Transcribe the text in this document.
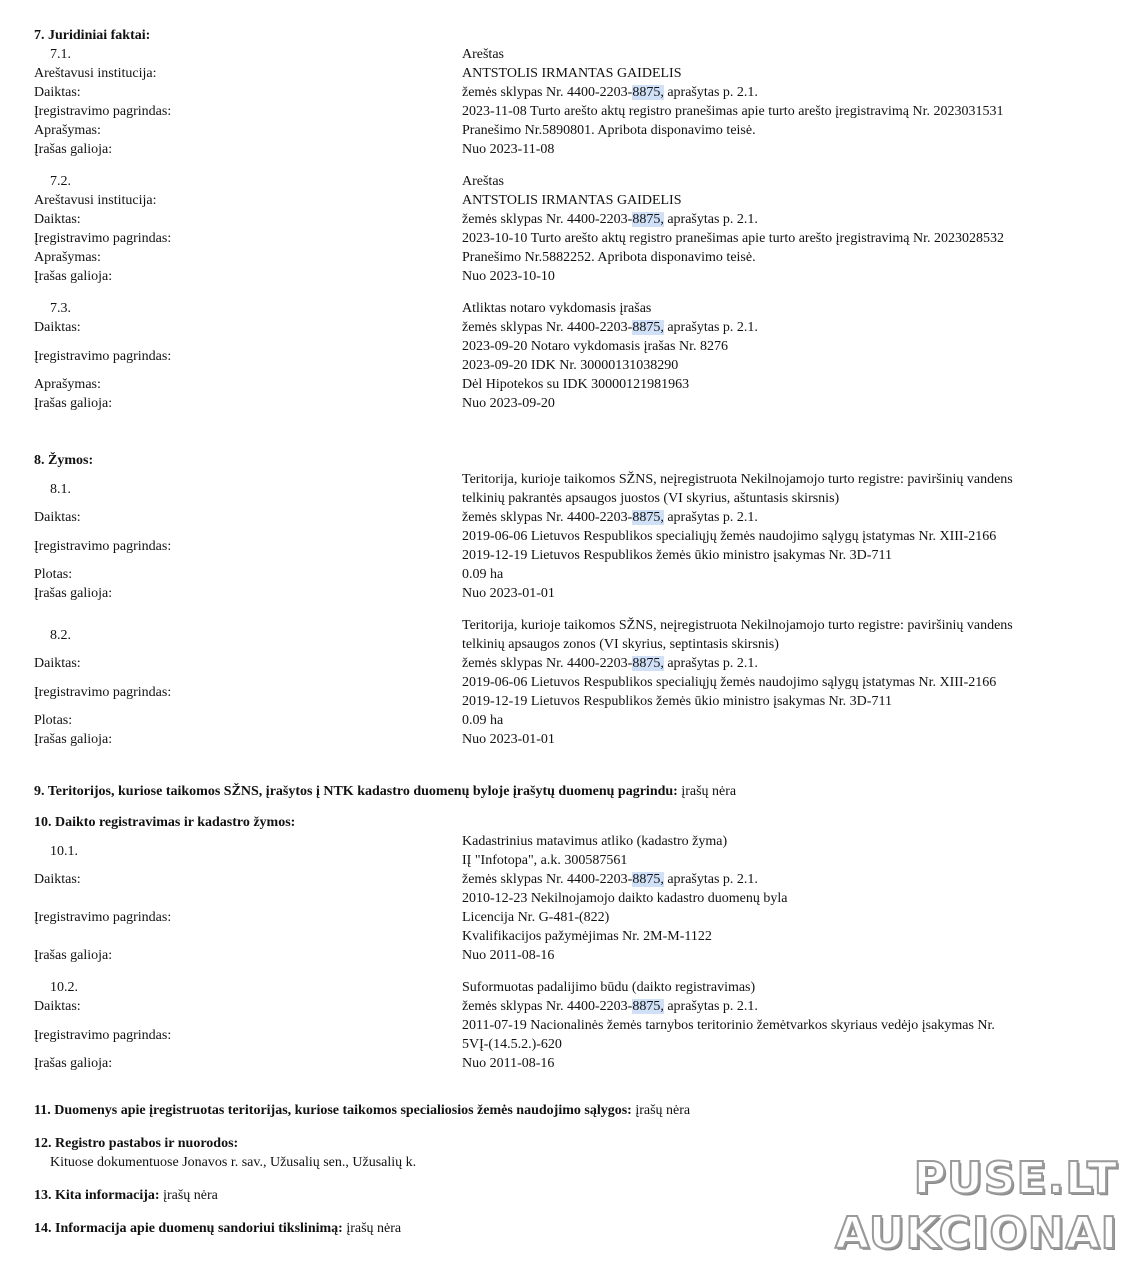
7. Juridiniai faktai:
7.1.	Areštas
Areštavusi institucija:	ANTSTOLIS IRMANTAS GAIDELIS
Daiktas:	žemės sklypas Nr. 4400-2203-8875, aprašytas p. 2.1.
Įregistravimo pagrindas:	2023-11-08 Turto arešto aktų registro pranešimas apie turto arešto įregistravimą Nr. 2023031531
Aprašymas:	Pranešimo Nr.5890801. Apribota disponavimo teisė.
Įrašas galioja:	Nuo 2023-11-08
7.2.	Areštas
Areštavusi institucija:	ANTSTOLIS IRMANTAS GAIDELIS
Daiktas:	žemės sklypas Nr. 4400-2203-8875, aprašytas p. 2.1.
Įregistravimo pagrindas:	2023-10-10 Turto arešto aktų registro pranešimas apie turto arešto įregistravimą Nr. 2023028532
Aprašymas:	Pranešimo Nr.5882252. Apribota disponavimo teisė.
Įrašas galioja:	Nuo 2023-10-10
7.3.	Atliktas notaro vykdomasis įrašas
Daiktas:	žemės sklypas Nr. 4400-2203-8875, aprašytas p. 2.1.
Įregistravimo pagrindas:
2023-09-20 Notaro vykdomasis įrašas Nr. 8276
2023-09-20 IDK Nr. 30000131038290
Aprašymas:	Dėl Hipotekos su IDK 30000121981963
Įrašas galioja:	Nuo 2023-09-20
8. Žymos:
8.1.
Teritorija, kurioje taikomos SŽNS, neįregistruota Nekilnojamojo turto registre: paviršinių vandens
telkinių pakrantės apsaugos juostos (VI skyrius, aštuntasis skirsnis)
Daiktas:	žemės sklypas Nr. 4400-2203-8875, aprašytas p. 2.1.
Įregistravimo pagrindas:
2019-06-06 Lietuvos Respublikos specialiųjų žemės naudojimo sąlygų įstatymas Nr. XIII-2166
2019-12-19 Lietuvos Respublikos žemės ūkio ministro įsakymas Nr. 3D-711
Plotas:	0.09 ha
Įrašas galioja:	Nuo 2023-01-01
8.2.
Teritorija, kurioje taikomos SŽNS, neįregistruota Nekilnojamojo turto registre: paviršinių vandens
telkinių apsaugos zonos (VI skyrius, septintasis skirsnis)
Daiktas:	žemės sklypas Nr. 4400-2203-8875, aprašytas p. 2.1.
Įregistravimo pagrindas:
2019-06-06 Lietuvos Respublikos specialiųjų žemės naudojimo sąlygų įstatymas Nr. XIII-2166
2019-12-19 Lietuvos Respublikos žemės ūkio ministro įsakymas Nr. 3D-711
Plotas:	0.09 ha
Įrašas galioja:	Nuo 2023-01-01
9. Teritorijos, kuriose taikomos SŽNS, įrašytos į NTK kadastro duomenų byloje įrašytų duomenų pagrindu: įrašų nėra
10. Daikto registravimas ir kadastro žymos:
10.1.
Kadastrinius matavimus atliko (kadastro žyma)
IĮ "Infotopa", a.k. 300587561
Daiktas:	žemės sklypas Nr. 4400-2203-8875, aprašytas p. 2.1.
Įregistravimo pagrindas:
2010-12-23 Nekilnojamojo daikto kadastro duomenų byla
Licencija Nr. G-481-(822)
Kvalifikacijos pažymėjimas Nr. 2M-M-1122
Įrašas galioja:	Nuo 2011-08-16
10.2.	Suformuotas padalijimo būdu (daikto registravimas)
Daiktas:	žemės sklypas Nr. 4400-2203-8875, aprašytas p. 2.1.
Įregistravimo pagrindas:
2011-07-19 Nacionalinės žemės tarnybos teritorinio žemėtvarkos skyriaus vedėjo įsakymas Nr.
5VĮ-(14.5.2.)-620
Įrašas galioja:	Nuo 2011-08-16
11. Duomenys apie įregistruotas teritorijas, kuriose taikomos specialiosios žemės naudojimo sąlygos: įrašų nėra
12. Registro pastabos ir nuorodos:
Kituose dokumentuose Jonavos r. sav., Užusalių sen., Užusalių k.
13. Kita informacija: įrašų nėra
14. Informacija apie duomenų sandoriui tikslinimą: įrašų nėra
PUSE.LT
AUKCIONAI
